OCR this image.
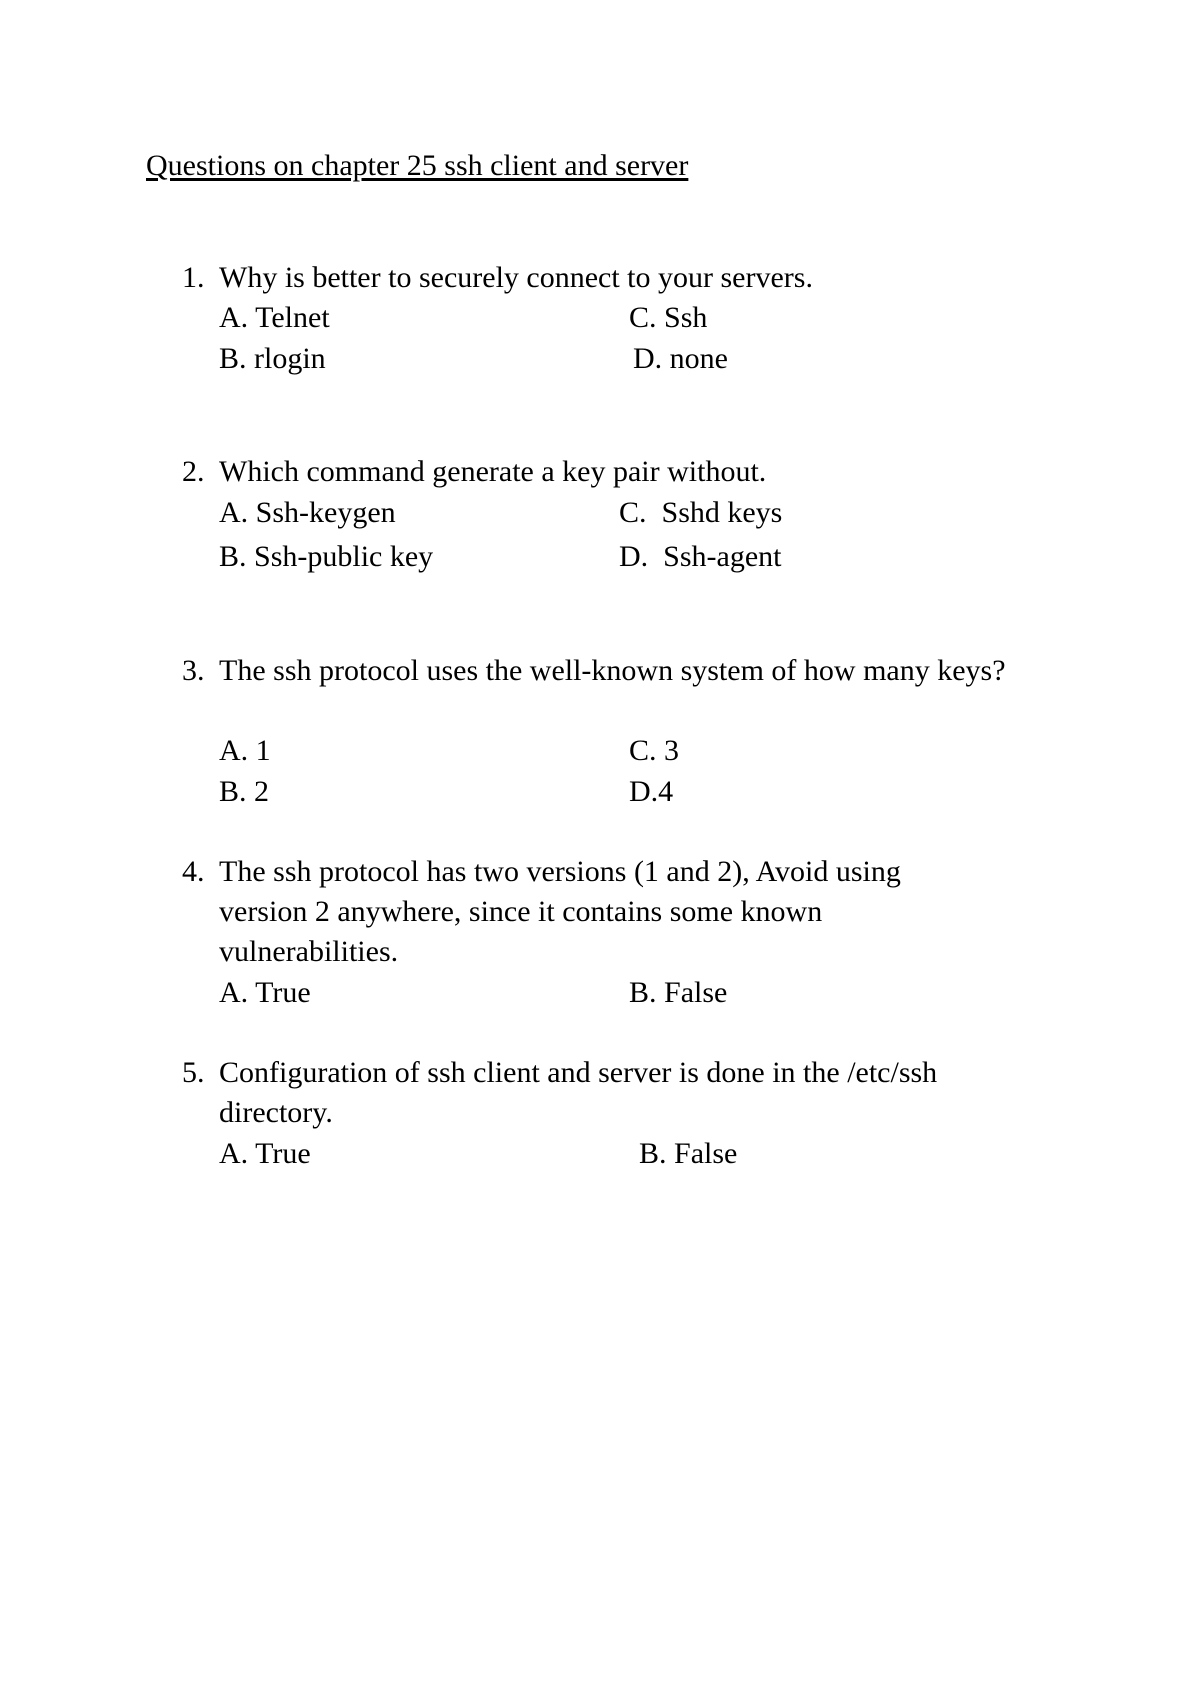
Questions on chapter 25 ssh client and server
1. Why is better to securely connect to your servers.
A. Telnet	C. Ssh
B. rlogin	D. none
2. Which command generate a key pair without.
A. Ssh-keygen	C.  Sshd keys
B. Ssh-public key	D.  Ssh-agent
3. The ssh protocol uses the well-known system of how many keys?
A. 1	C. 3
B. 2	D.4
4. The ssh protocol has two versions (1 and 2), Avoid using version 2 anywhere, since it contains some known vulnerabilities.
A. True	B. False
5. Configuration of ssh client and server is done in the /etc/ssh directory.
A. True	B. False
